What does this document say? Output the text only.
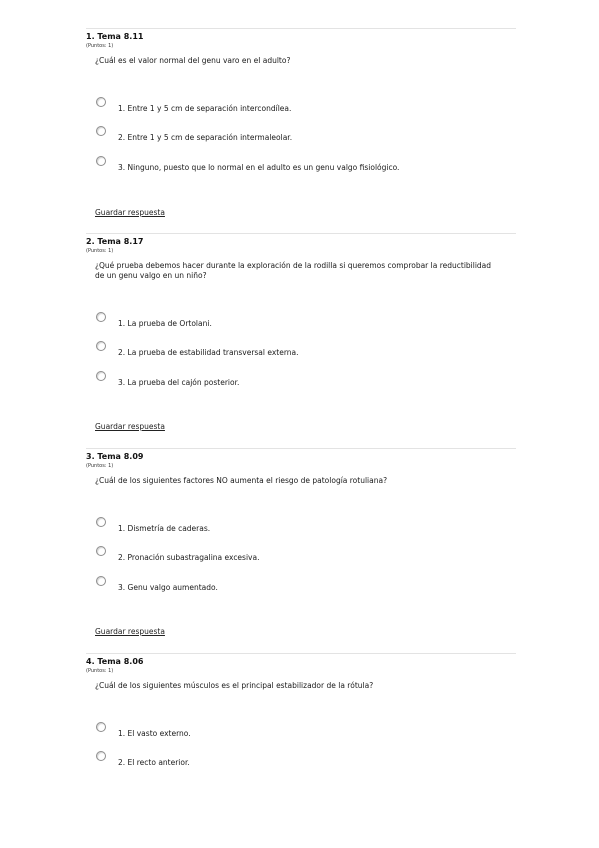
1. Tema 8.11
(Puntos: 1)
¿Cuál es el valor normal del genu varo en el adulto?
1. Entre 1 y 5 cm de separación intercondílea.
2. Entre 1 y 5 cm de separación intermaleolar.
3. Ninguno, puesto que lo normal en el adulto es un genu valgo fisiológico.
Guardar respuesta
2. Tema 8.17
(Puntos: 1)
¿Qué prueba debemos hacer durante la exploración de la rodilla si queremos comprobar la reductibilidad de un genu valgo en un niño?
1. La prueba de Ortolani.
2. La prueba de estabilidad transversal externa.
3. La prueba del cajón posterior.
Guardar respuesta
3. Tema 8.09
(Puntos: 1)
¿Cuál de los siguientes factores NO aumenta el riesgo de patología rotuliana?
1. Dismetría de caderas.
2. Pronación subastragalina excesiva.
3. Genu valgo aumentado.
Guardar respuesta
4. Tema 8.06
(Puntos: 1)
¿Cuál de los siguientes músculos es el principal estabilizador de la rótula?
1. El vasto externo.
2. El recto anterior.
